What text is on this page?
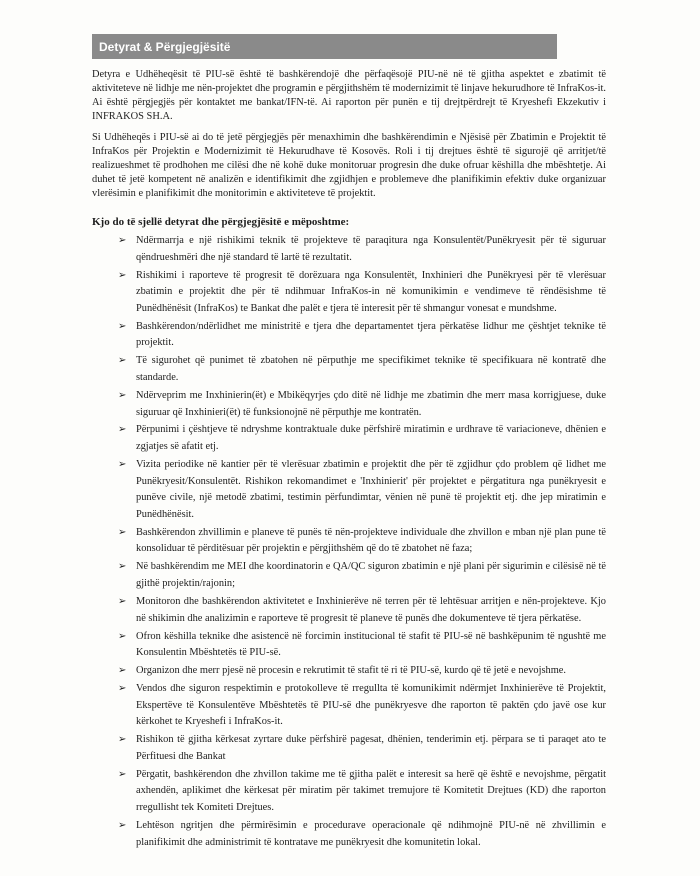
Detyrat & Përgjegjësitë

Detyra e Udhëheqësit të PIU-së është të bashkërendojë dhe përfaqësojë PIU-në në të gjitha aspektet e zbatimit të aktiviteteve në lidhje me nën-projektet dhe programin e përgjithshëm të modernizimit të linjave hekurudhore të InfraKos-it. Ai është përgjegjës për kontaktet me bankat/IFN-të. Ai raporton për punën e tij drejtpërdrejt të Kryeshefi Ekzekutiv i INFRAKOS SH.A.

Si Udhëheqës i PIU-së ai do të jetë përgjegjës për menaxhimin dhe bashkërendimin e Njësisë për Zbatimin e Projektit të InfraKos për Projektin e Modernizimit të Hekurudhave të Kosovës. Roli i tij drejtues është të sigurojë që arritjet/të realizueshmet të prodhohen me cilësi dhe në kohë duke monitoruar progresin dhe duke ofruar këshilla dhe mbështetje. Ai duhet të jetë kompetent në analizën e identifikimit dhe zgjidhjen e problemeve dhe planifikimin efektiv duke organizuar vlerësimin e planifikimit dhe monitorimin e aktiviteteve të projektit.

Kjo do të sjellë detyrat dhe përgjegjësitë e mëposhtme:

➢ Ndërmarrja e një rishikimi teknik të projekteve të paraqitura nga Konsulentët/Punëkryesit për të siguruar qëndrueshmëri dhe një standard të lartë të rezultatit.
➢ Rishikimi i raporteve të progresit të dorëzuara nga Konsulentët, Inxhinieri dhe Punëkryesi për të vlerësuar zbatimin e projektit dhe për të ndihmuar InfraKos-in në komunikimin e vendimeve të rëndësishme të Punëdhënësit (InfraKos) te Bankat dhe palët e tjera të interesit për të shmangur vonesat e mundshme.
➢ Bashkërendon/ndërlidhet me ministritë e tjera dhe departamentet tjera përkatëse lidhur me çështjet teknike të projektit.
➢ Të sigurohet që punimet të zbatohen në përputhje me specifikimet teknike të specifikuara në kontratë dhe standarde.
➢ Ndërveprim me Inxhinierin(ët) e Mbikëqyrjes çdo ditë në lidhje me zbatimin dhe merr masa korrigjuese, duke siguruar që Inxhinieri(ët) të funksionojnë në përputhje me kontratën.
➢ Përpunimi i çështjeve të ndryshme kontraktuale duke përfshirë miratimin e urdhrave të variacioneve, dhënien e zgjatjes së afatit etj.
➢ Vizita periodike në kantier për të vlerësuar zbatimin e projektit dhe për të zgjidhur çdo problem që lidhet me Punëkryesit/Konsulentët. Rishikon rekomandimet e 'Inxhinierit' për projektet e përgatitura nga punëkryesit e punëve civile, një metodë zbatimi, testimin përfundimtar, vënien në punë të projektit etj. dhe jep miratimin e Punëdhënësit.
➢ Bashkërendon zhvillimin e planeve të punës të nën-projekteve individuale dhe zhvillon e mban një plan pune të konsoliduar të përditësuar për projektin e përgjithshëm që do të zbatohet në faza;
➢ Në bashkërendim me MEI dhe koordinatorin e QA/QC siguron zbatimin e një plani për sigurimin e cilësisë në të gjithë projektin/rajonin;
➢ Monitoron dhe bashkërendon aktivitetet e Inxhinierëve në terren për të lehtësuar arritjen e nën-projekteve. Kjo në shikimin dhe analizimin e raporteve të progresit të planeve të punës dhe dokumenteve të tjera përkatëse.
➢ Ofron këshilla teknike dhe asistencë në forcimin institucional të stafit të PIU-së në bashkëpunim të ngushtë me Konsulentin Mbështetës të PIU-së.
➢ Organizon dhe merr pjesë në procesin e rekrutimit të stafit të ri të PIU-së, kurdo që të jetë e nevojshme.
➢ Vendos dhe siguron respektimin e protokolleve të rregullta të komunikimit ndërmjet Inxhinierëve të Projektit, Ekspertëve të Konsulentëve Mbështetës të PIU-së dhe punëkryesve dhe raporton të paktën çdo javë ose kur kërkohet te Kryeshefi i InfraKos-it.
➢ Rishikon të gjitha kërkesat zyrtare duke përfshirë pagesat, dhënien, tenderimin etj. përpara se ti paraqet ato te Përfituesi dhe Bankat
➢ Përgatit, bashkërendon dhe zhvillon takime me të gjitha palët e interesit sa herë që është e nevojshme, përgatit axhendën, aplikimet dhe kërkesat për miratim për takimet tremujore të Komitetit Drejtues (KD) dhe raporton rregullisht tek Komiteti Drejtues.
➢ Lehtëson ngritjen dhe përmirësimin e procedurave operacionale që ndihmojnë PIU-në në zhvillimin e planifikimit dhe administrimit të kontratave me punëkryesit dhe komunitetin lokal.
